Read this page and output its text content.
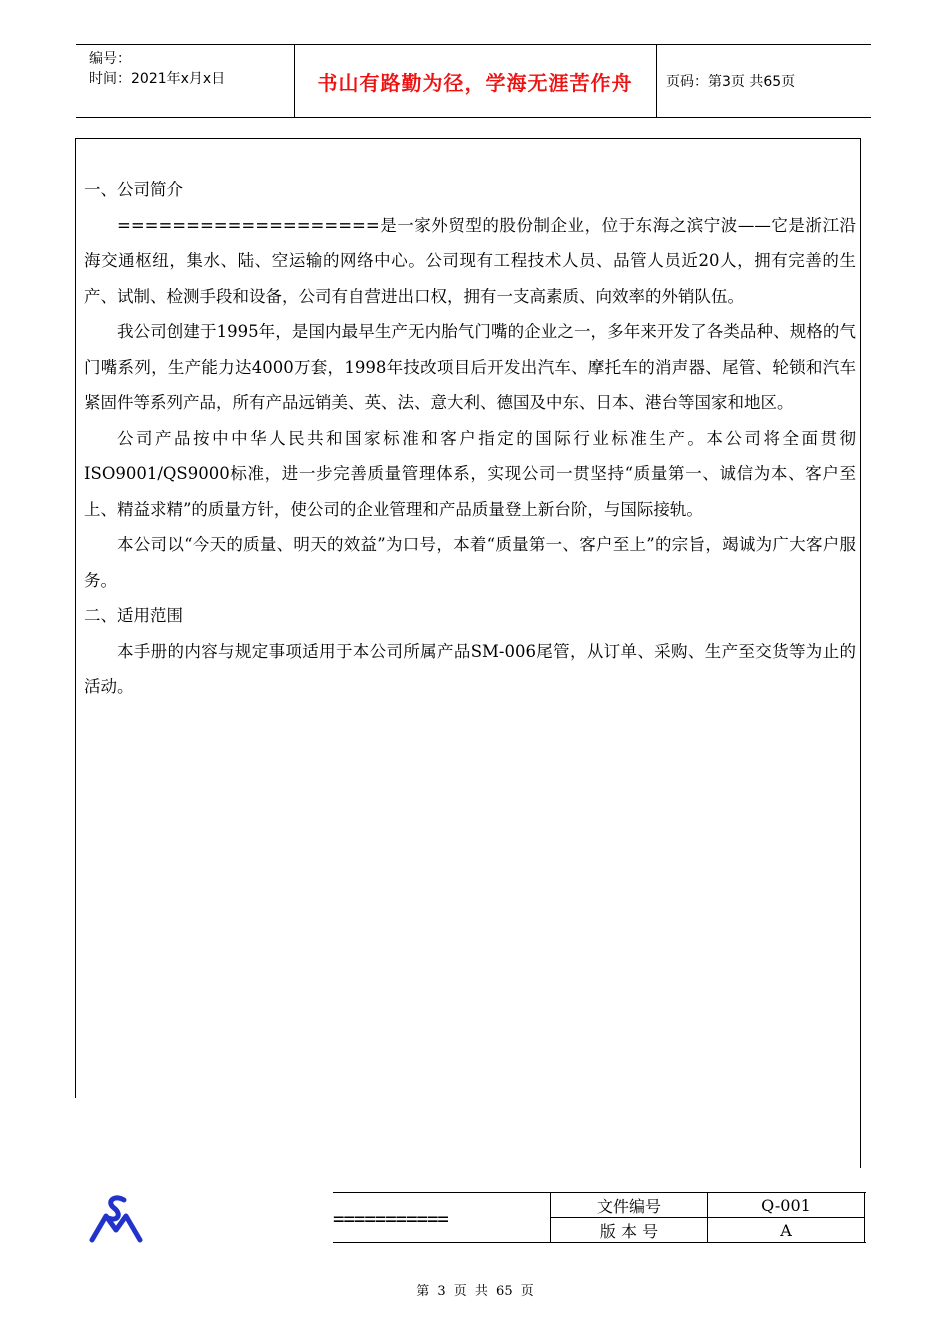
编号：
时间：2021年x月x日	书山有路勤为径，学海无涯苦作舟	页码：第3页 共65页

一、公司简介

===================是一家外贸型的股份制企业，位于东海之滨宁波——它是浙江沿海交通枢纽，集水、陆、空运输的网络中心。公司现有工程技术人员、品管人员近20人，拥有完善的生产、试制、检测手段和设备，公司有自营进出口权，拥有一支高素质、向效率的外销队伍。

我公司创建于1995年，是国内最早生产无内胎气门嘴的企业之一，多年来开发了各类品种、规格的气门嘴系列，生产能力达4000万套，1998年技改项目后开发出汽车、摩托车的消声器、尾管、轮锁和汽车紧固件等系列产品，所有产品远销美、英、法、意大利、德国及中东、日本、港台等国家和地区。

公司产品按中中华人民共和国家标准和客户指定的国际行业标准生产。本公司将全面贯彻ISO9001/QS9000标准，进一步完善质量管理体系，实现公司一贯坚持“质量第一、诚信为本、客户至上、精益求精”的质量方针，使公司的企业管理和产品质量登上新台阶，与国际接轨。

本公司以“今天的质量、明天的效益”为口号，本着“质量第一、客户至上”的宗旨，竭诚为广大客户服务。

二、适用范围

本手册的内容与规定事项适用于本公司所属产品SM-006尾管，从订单、采购、生产至交货等为止的活动。

===========
文件编号	Q-001
版 本 号	A
第 3 页 共 65 页
